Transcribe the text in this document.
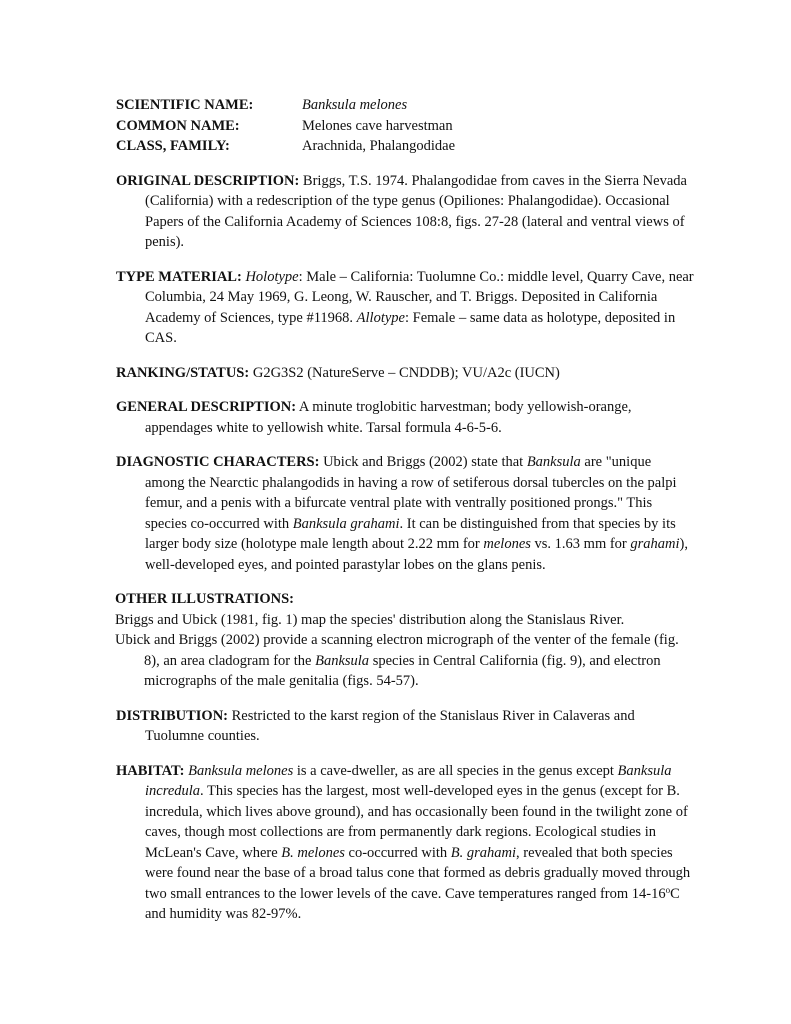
SCIENTIFIC NAME:	Banksula melones
COMMON NAME:	Melones cave harvestman
CLASS, FAMILY:	Arachnida, Phalangodidae
ORIGINAL DESCRIPTION: Briggs, T.S. 1974. Phalangodidae from caves in the Sierra Nevada (California) with a redescription of the type genus (Opiliones: Phalangodidae). Occasional Papers of the California Academy of Sciences 108:8, figs. 27-28 (lateral and ventral views of penis).
TYPE MATERIAL: Holotype: Male – California: Tuolumne Co.: middle level, Quarry Cave, near Columbia, 24 May 1969, G. Leong, W. Rauscher, and T. Briggs. Deposited in California Academy of Sciences, type #11968. Allotype: Female – same data as holotype, deposited in CAS.
RANKING/STATUS: G2G3S2 (NatureServe – CNDDB); VU/A2c (IUCN)
GENERAL DESCRIPTION: A minute troglobitic harvestman; body yellowish-orange, appendages white to yellowish white. Tarsal formula 4-6-5-6.
DIAGNOSTIC CHARACTERS: Ubick and Briggs (2002) state that Banksula are "unique among the Nearctic phalangodids in having a row of setiferous dorsal tubercles on the palpi femur, and a penis with a bifurcate ventral plate with ventrally positioned prongs." This species co-occurred with Banksula grahami. It can be distinguished from that species by its larger body size (holotype male length about 2.22 mm for melones vs. 1.63 mm for grahami), well-developed eyes, and pointed parastylar lobes on the glans penis.
OTHER ILLUSTRATIONS:
Briggs and Ubick (1981, fig. 1) map the species' distribution along the Stanislaus River.
Ubick and Briggs (2002) provide a scanning electron micrograph of the venter of the female (fig. 8), an area cladogram for the Banksula species in Central California (fig. 9), and electron micrographs of the male genitalia (figs. 54-57).
DISTRIBUTION: Restricted to the karst region of the Stanislaus River in Calaveras and Tuolumne counties.
HABITAT: Banksula melones is a cave-dweller, as are all species in the genus except Banksula incredula. This species has the largest, most well-developed eyes in the genus (except for B. incredula, which lives above ground), and has occasionally been found in the twilight zone of caves, though most collections are from permanently dark regions. Ecological studies in McLean's Cave, where B. melones co-occurred with B. grahami, revealed that both species were found near the base of a broad talus cone that formed as debris gradually moved through two small entrances to the lower levels of the cave. Cave temperatures ranged from 14-16$^o$C and humidity was 82-97%.
